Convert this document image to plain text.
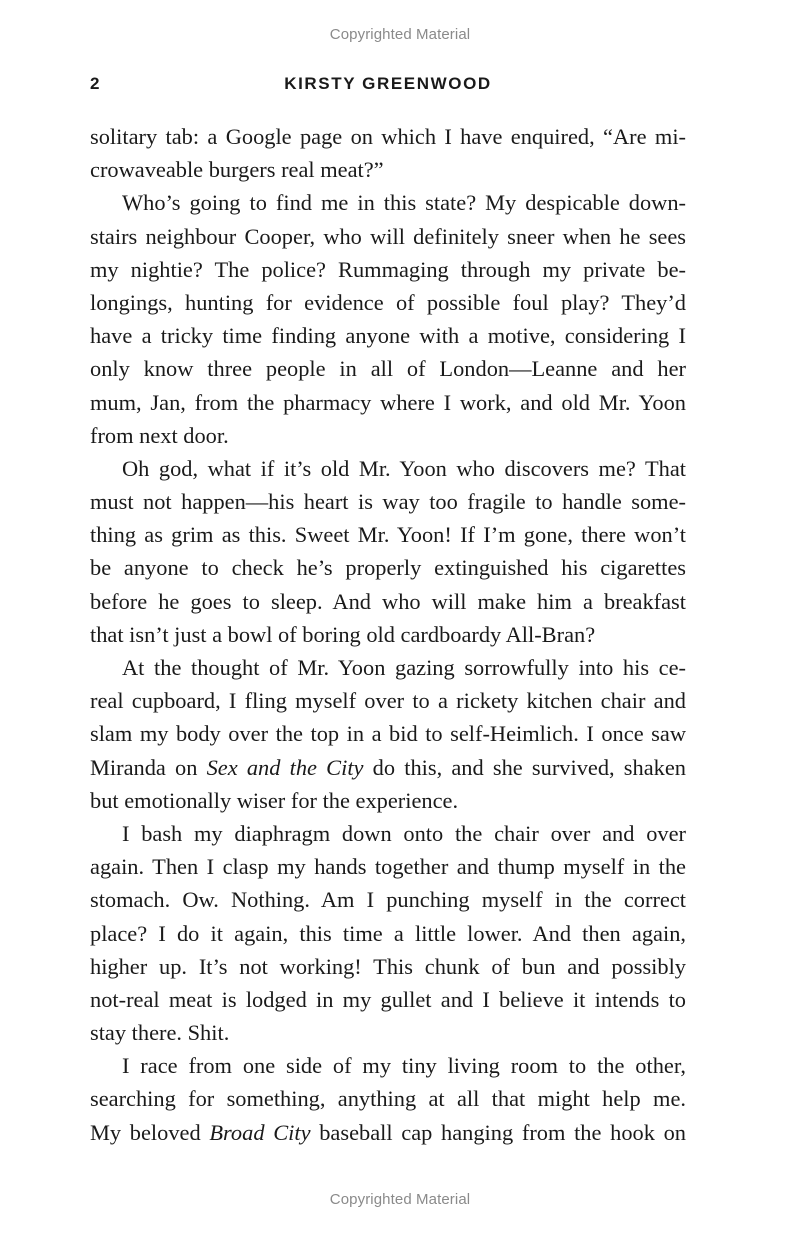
Copyrighted Material
2	KIRSTY GREENWOOD
solitary tab: a Google page on which I have enquired, “Are mi-
crowaveable burgers real meat?”
Who’s going to find me in this state? My despicable down-
stairs neighbour Cooper, who will definitely sneer when he sees
my nightie? The police? Rummaging through my private be-
longings, hunting for evidence of possible foul play? They’d
have a tricky time finding anyone with a motive, considering I
only know three people in all of London—Leanne and her
mum, Jan, from the pharmacy where I work, and old Mr. Yoon
from next door.
Oh god, what if it’s old Mr. Yoon who discovers me? That
must not happen—his heart is way too fragile to handle some-
thing as grim as this. Sweet Mr. Yoon! If I’m gone, there won’t
be anyone to check he’s properly extinguished his cigarettes
before he goes to sleep. And who will make him a breakfast
that isn’t just a bowl of boring old cardboardy All-Bran?
At the thought of Mr. Yoon gazing sorrowfully into his ce-
real cupboard, I fling myself over to a rickety kitchen chair and
slam my body over the top in a bid to self-Heimlich. I once saw
Miranda on Sex and the City do this, and she survived, shaken
but emotionally wiser for the experience.
I bash my diaphragm down onto the chair over and over
again. Then I clasp my hands together and thump myself in the
stomach. Ow. Nothing. Am I punching myself in the correct
place? I do it again, this time a little lower. And then again,
higher up. It’s not working! This chunk of bun and possibly
not-real meat is lodged in my gullet and I believe it intends to
stay there. Shit.
I race from one side of my tiny living room to the other,
searching for something, anything at all that might help me.
My beloved Broad City baseball cap hanging from the hook on
Copyrighted Material
